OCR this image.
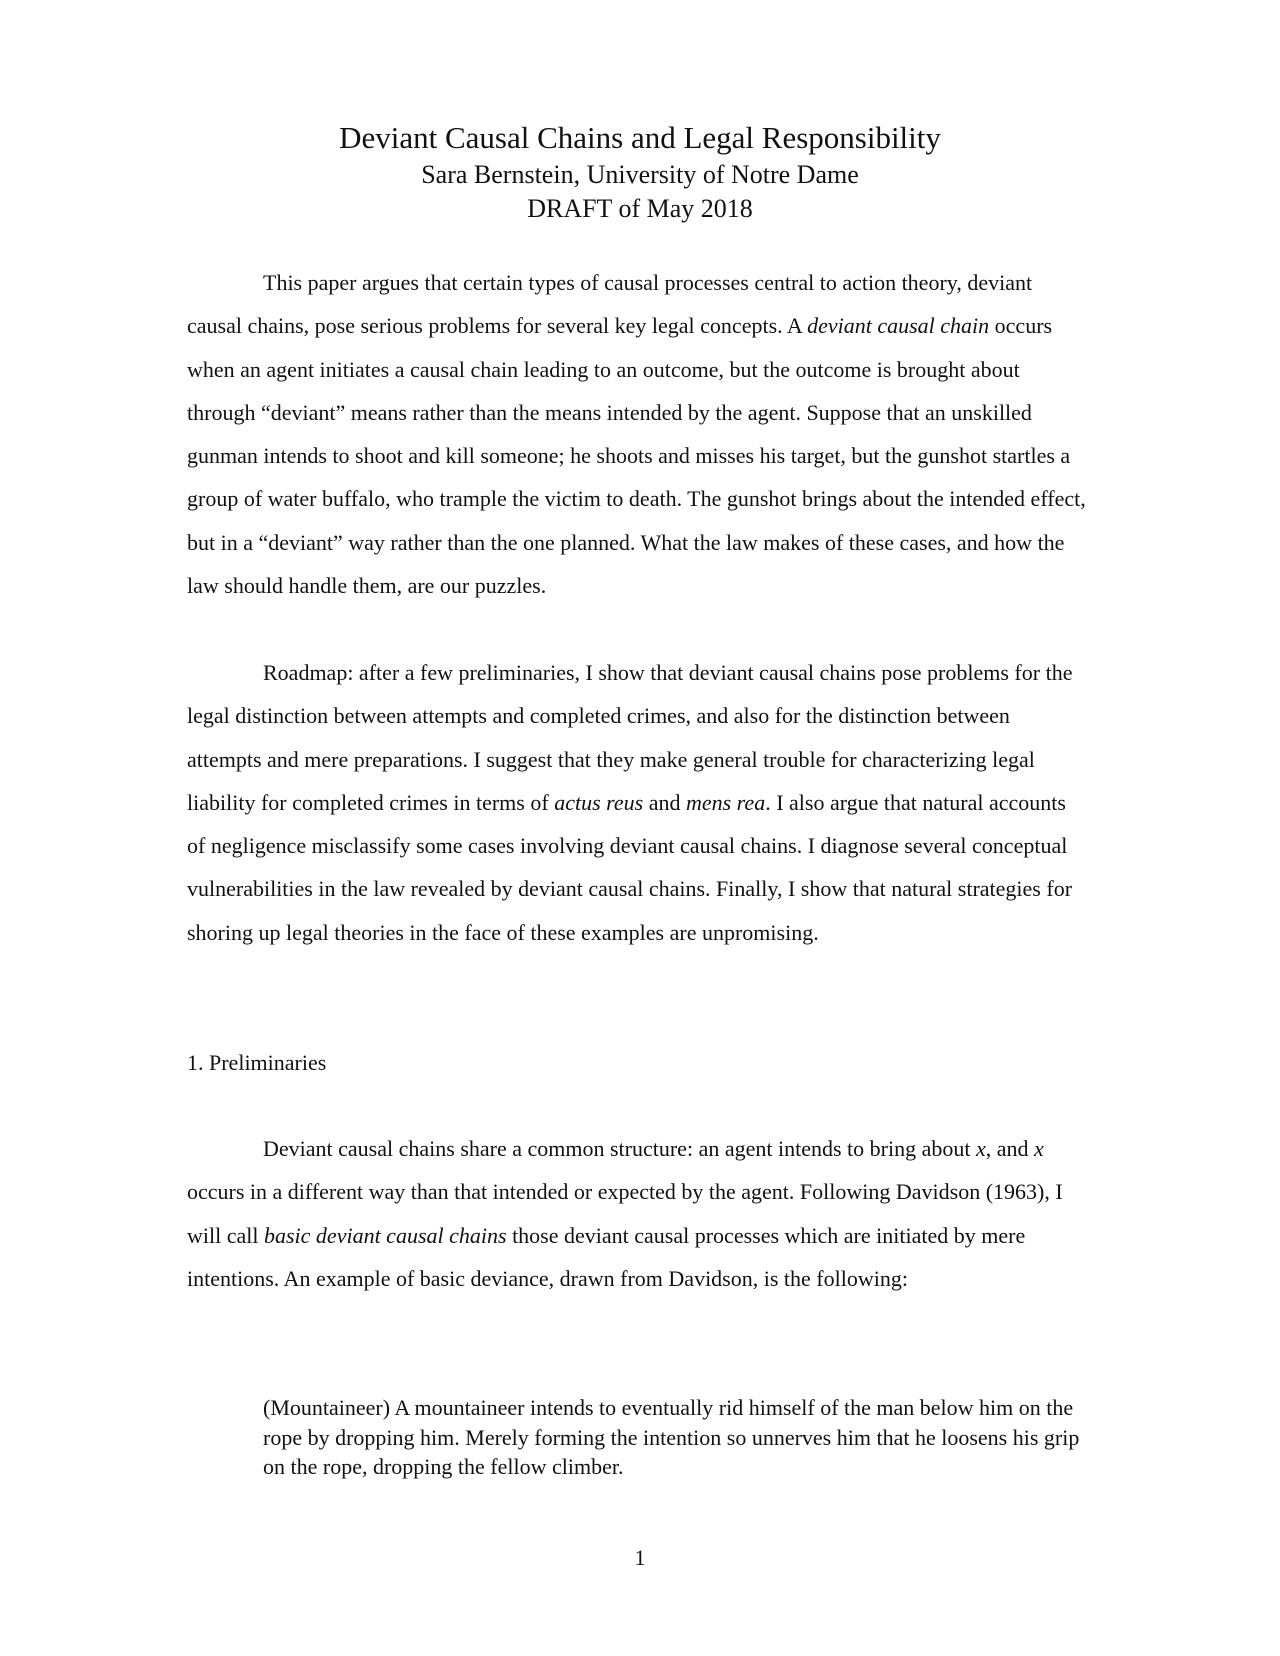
Deviant Causal Chains and Legal Responsibility
Sara Bernstein, University of Notre Dame
DRAFT of May 2018

This paper argues that certain types of causal processes central to action theory, deviant causal chains, pose serious problems for several key legal concepts. A deviant causal chain occurs when an agent initiates a causal chain leading to an outcome, but the outcome is brought about through “deviant” means rather than the means intended by the agent. Suppose that an unskilled gunman intends to shoot and kill someone; he shoots and misses his target, but the gunshot startles a group of water buffalo, who trample the victim to death. The gunshot brings about the intended effect, but in a “deviant” way rather than the one planned. What the law makes of these cases, and how the law should handle them, are our puzzles.

Roadmap: after a few preliminaries, I show that deviant causal chains pose problems for the legal distinction between attempts and completed crimes, and also for the distinction between attempts and mere preparations. I suggest that they make general trouble for characterizing legal liability for completed crimes in terms of actus reus and mens rea. I also argue that natural accounts of negligence misclassify some cases involving deviant causal chains. I diagnose several conceptual vulnerabilities in the law revealed by deviant causal chains. Finally, I show that natural strategies for shoring up legal theories in the face of these examples are unpromising.

1. Preliminaries

Deviant causal chains share a common structure: an agent intends to bring about x, and x occurs in a different way than that intended or expected by the agent. Following Davidson (1963), I will call basic deviant causal chains those deviant causal processes which are initiated by mere intentions. An example of basic deviance, drawn from Davidson, is the following:

(Mountaineer) A mountaineer intends to eventually rid himself of the man below him on the rope by dropping him. Merely forming the intention so unnerves him that he loosens his grip on the rope, dropping the fellow climber.
1
